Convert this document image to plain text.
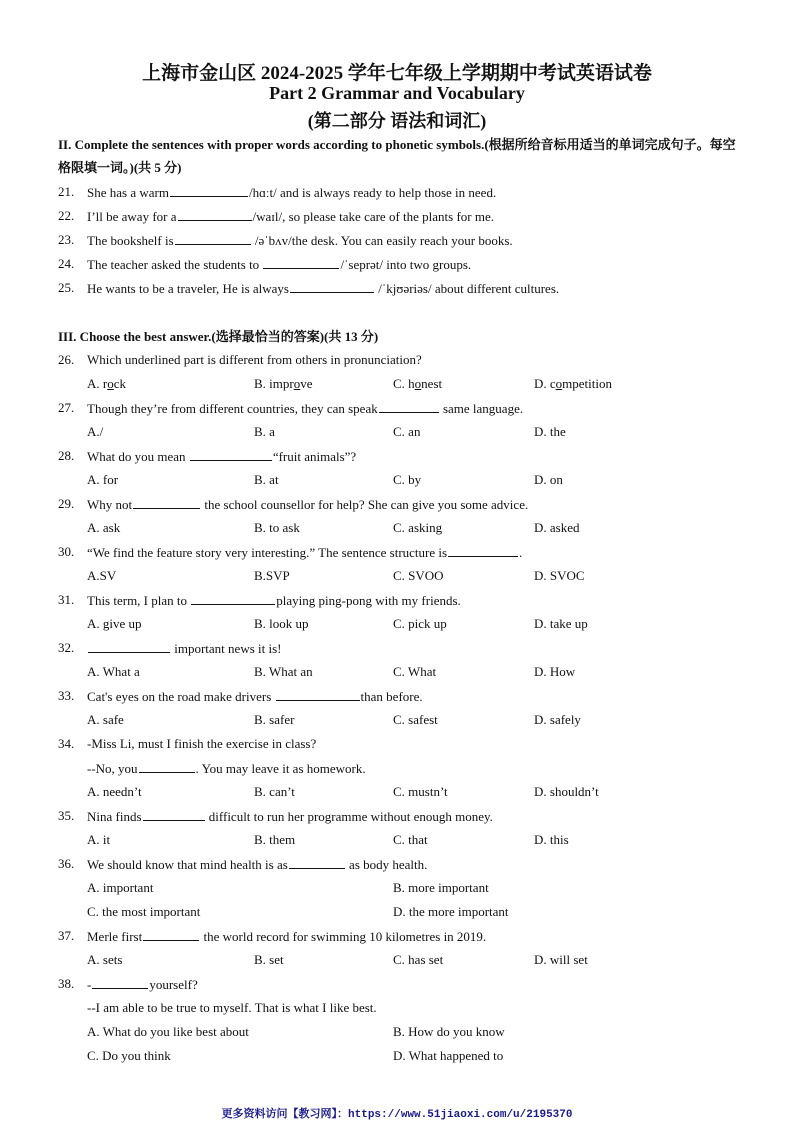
上海市金山区 2024-2025 学年七年级上学期期中考试英语试卷
Part 2 Grammar and Vocabulary
(第二部分 语法和词汇)
II. Complete the sentences with proper words according to phonetic symbols.(根据所给音标用适当的单词完成句子。每空格限填一词。)(共 5 分)
21. She has a warm	/hɑːt/ and is always ready to help those in need.
22. I’ll be away for a	/waɪl/, so please take care of the plants for me.
23. The bookshelf is	/əˈbʌv/the desk. You can easily reach your books.
24. The teacher asked the students to	/ˈseprət/ into two groups.
25. He wants to be a traveler, He is always	/ˈkjʊəriəs/ about different cultures.
III. Choose the best answer.(选择最恰当的答案)(共 13 分)
26. Which underlined part is different from others in pronunciation?
A. rock	B. improve	C. honest	D. competition
27. Though they’re from different countries, they can speak	same language.
A./	B. a	C. an	D. the
28. What do you mean	“fruit animals”?
A. for	B. at	C. by	D. on
29. Why not	the school counsellor for help? She can give you some advice.
A. ask	B. to ask	C. asking	D. asked
30. “We find the feature story very interesting.” The sentence structure is	.
A.SV	B.SVP	C. SVOO	D. SVOC
31. This term, I plan to	playing ping-pong with my friends.
A. give up	B. look up	C. pick up	D. take up
32.	important news it is!
A. What a	B. What an	C. What	D. How
33. Cat's eyes on the road make drivers	than before.
A. safe	B. safer	C. safest	D. safely
34. -Miss Li, must I finish the exercise in class?
--No, you	. You may leave it as homework.
A. needn’t	B. can’t	C. mustn’t	D. shouldn’t
35. Nina finds	difficult to run her programme without enough money.
A. it	B. them	C. that	D. this
36. We should know that mind health is as	as body health.
A. important	B. more important
C. the most important	D. the more important
37. Merle first	the world record for swimming 10 kilometres in 2019.
A. sets	B. set	C. has set	D. will set
38. -	yourself?
--I am able to be true to myself. That is what I like best.
A. What do you like best about	B. How do you know
C. Do you think	D. What happened to
更多资料访问【教习网】：https://www.51jiaoxi.com/u/2195370
